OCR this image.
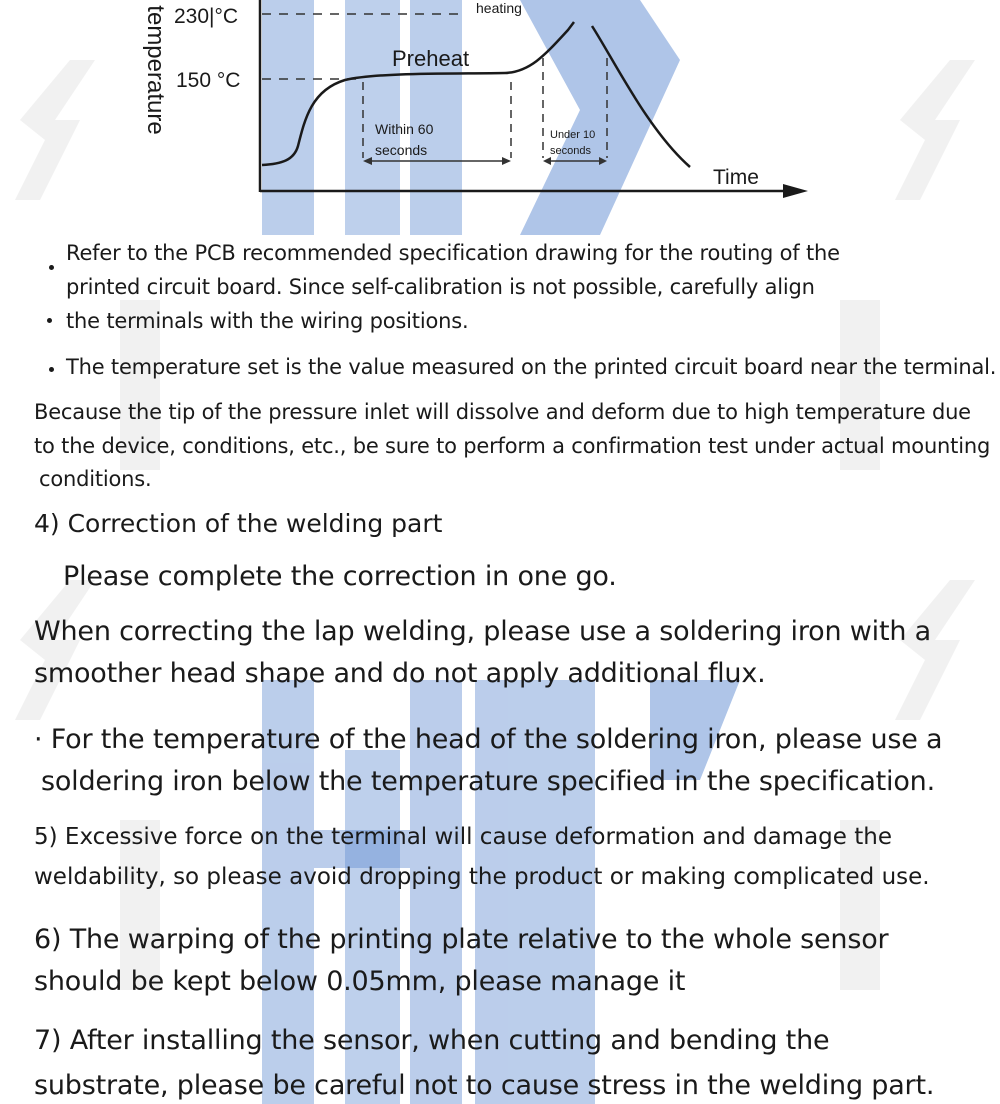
temperature 230|°C
150 °C
heating
Preheat
Within 60
seconds
Under 10
seconds
Time

Refer to the PCB recommended specification drawing for the routing of the

printed circuit board. Since self-calibration is not possible, carefully align

the terminals with the wiring positions.

The temperature set is the value measured on the printed circuit board near the terminal.

Because the tip of the pressure inlet will dissolve and deform due to high temperature due

to the device, conditions, etc., be sure to perform a confirmation test under actual mounting

conditions.

4) Correction of the welding part

Please complete the correction in one go.

When correcting the lap welding, please use a soldering iron with a

smoother head shape and do not apply additional flux.

· For the temperature of the head of the soldering iron, please use a

soldering iron below the temperature specified in the specification.

5) Excessive force on the terminal will cause deformation and damage the

weldability, so please avoid dropping the product or making complicated use.

6) The warping of the printing plate relative to the whole sensor

should be kept below 0.05mm, please manage it

7) After installing the sensor, when cutting and bending the

substrate, please be careful not to cause stress in the welding part.
